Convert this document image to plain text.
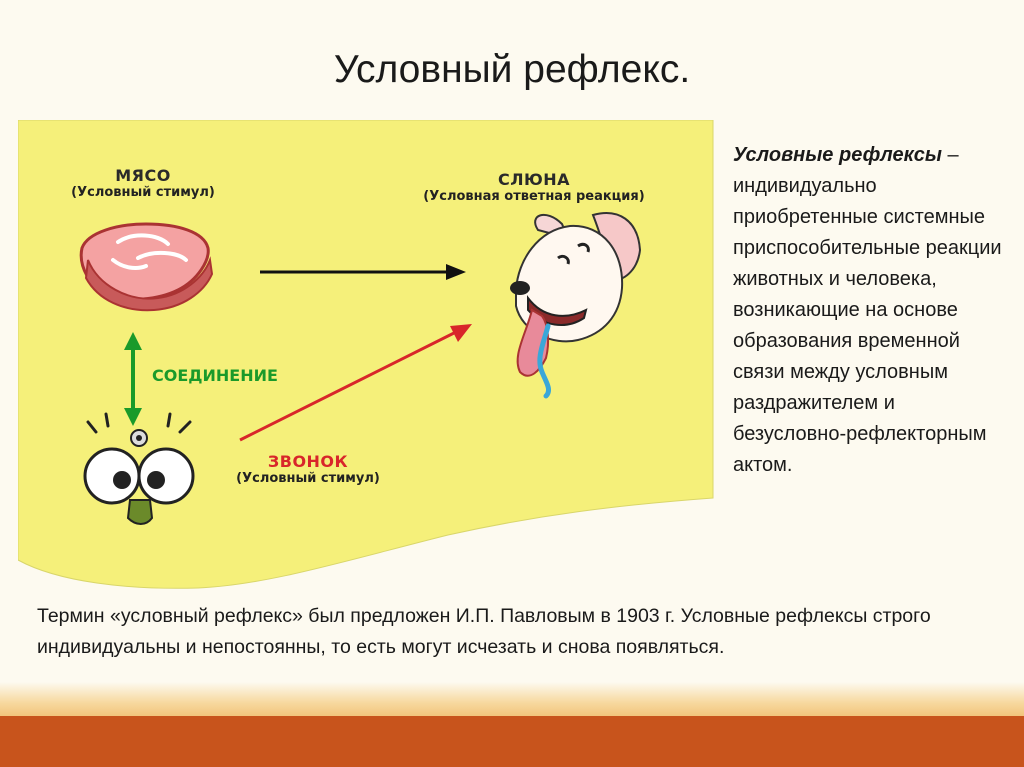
Условный рефлекс.
МЯСО
(Условный стимул)
СЛЮНА
(Условная ответная реакция)
СОЕДИНЕНИЕ
ЗВОНОК
(Условный стимул)
Условные рефлексы – индивидуально приобретенные системные приспособительные реакции животных и человека, возникающие на основе образования временной связи между условным раздражителем и безусловно-рефлекторным актом.
Термин «условный рефлекс» был предложен И.П. Павловым в 1903 г. Условные рефлексы строго индивидуальны и непостоянны, то есть могут исчезать и снова появляться.
